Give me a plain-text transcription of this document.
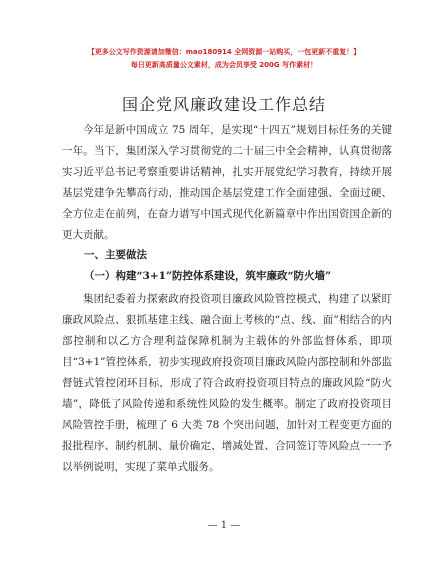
【更多公文写作资源请加微信：mao180914 全网资源一站购买，一包更新不重复！】
每日更新高质量公文素材，成为会员享受 200G 写作素材！
国企党风廉政建设工作总结

今年是新中国成立 75 周年，是实现“十四五”规划目标任务的关键一年。当下，集团深入学习贯彻党的二十届三中全会精神，认真贯彻落实习近平总书记考察重要讲话精神，扎实开展党纪学习教育，持续开展基层党建争先攀高行动，推动国企基层党建工作全面建强、全面过硬、全方位走在前列，在奋力谱写中国式现代化新篇章中作出国资国企新的更大贡献。

一、主要做法
（一）构建“3+1”防控体系建设，筑牢廉政“防火墙”

集团纪委着力探索政府投资项目廉政风险管控模式，构建了以紧盯廉政风险点、狠抓基建主线、融合面上考核的“点、线、面”相结合的内部控制和以乙方合理利益保障机制为主载体的外部监督体系，即项目“3+1”管控体系，初步实现政府投资项目廉政风险内部控制和外部监督链式管控闭环目标，形成了符合政府投资项目特点的廉政风险“防火墙”，降低了风险传递和系统性风险的发生概率。制定了政府投资项目风险管控手册，梳理了 6 大类 78 个突出问题，加针对工程变更方面的报批程序、制约机制、量价确定、增减处置、合同签订等风险点一一予以举例说明，实现了菜单式服务。

— 1 —
